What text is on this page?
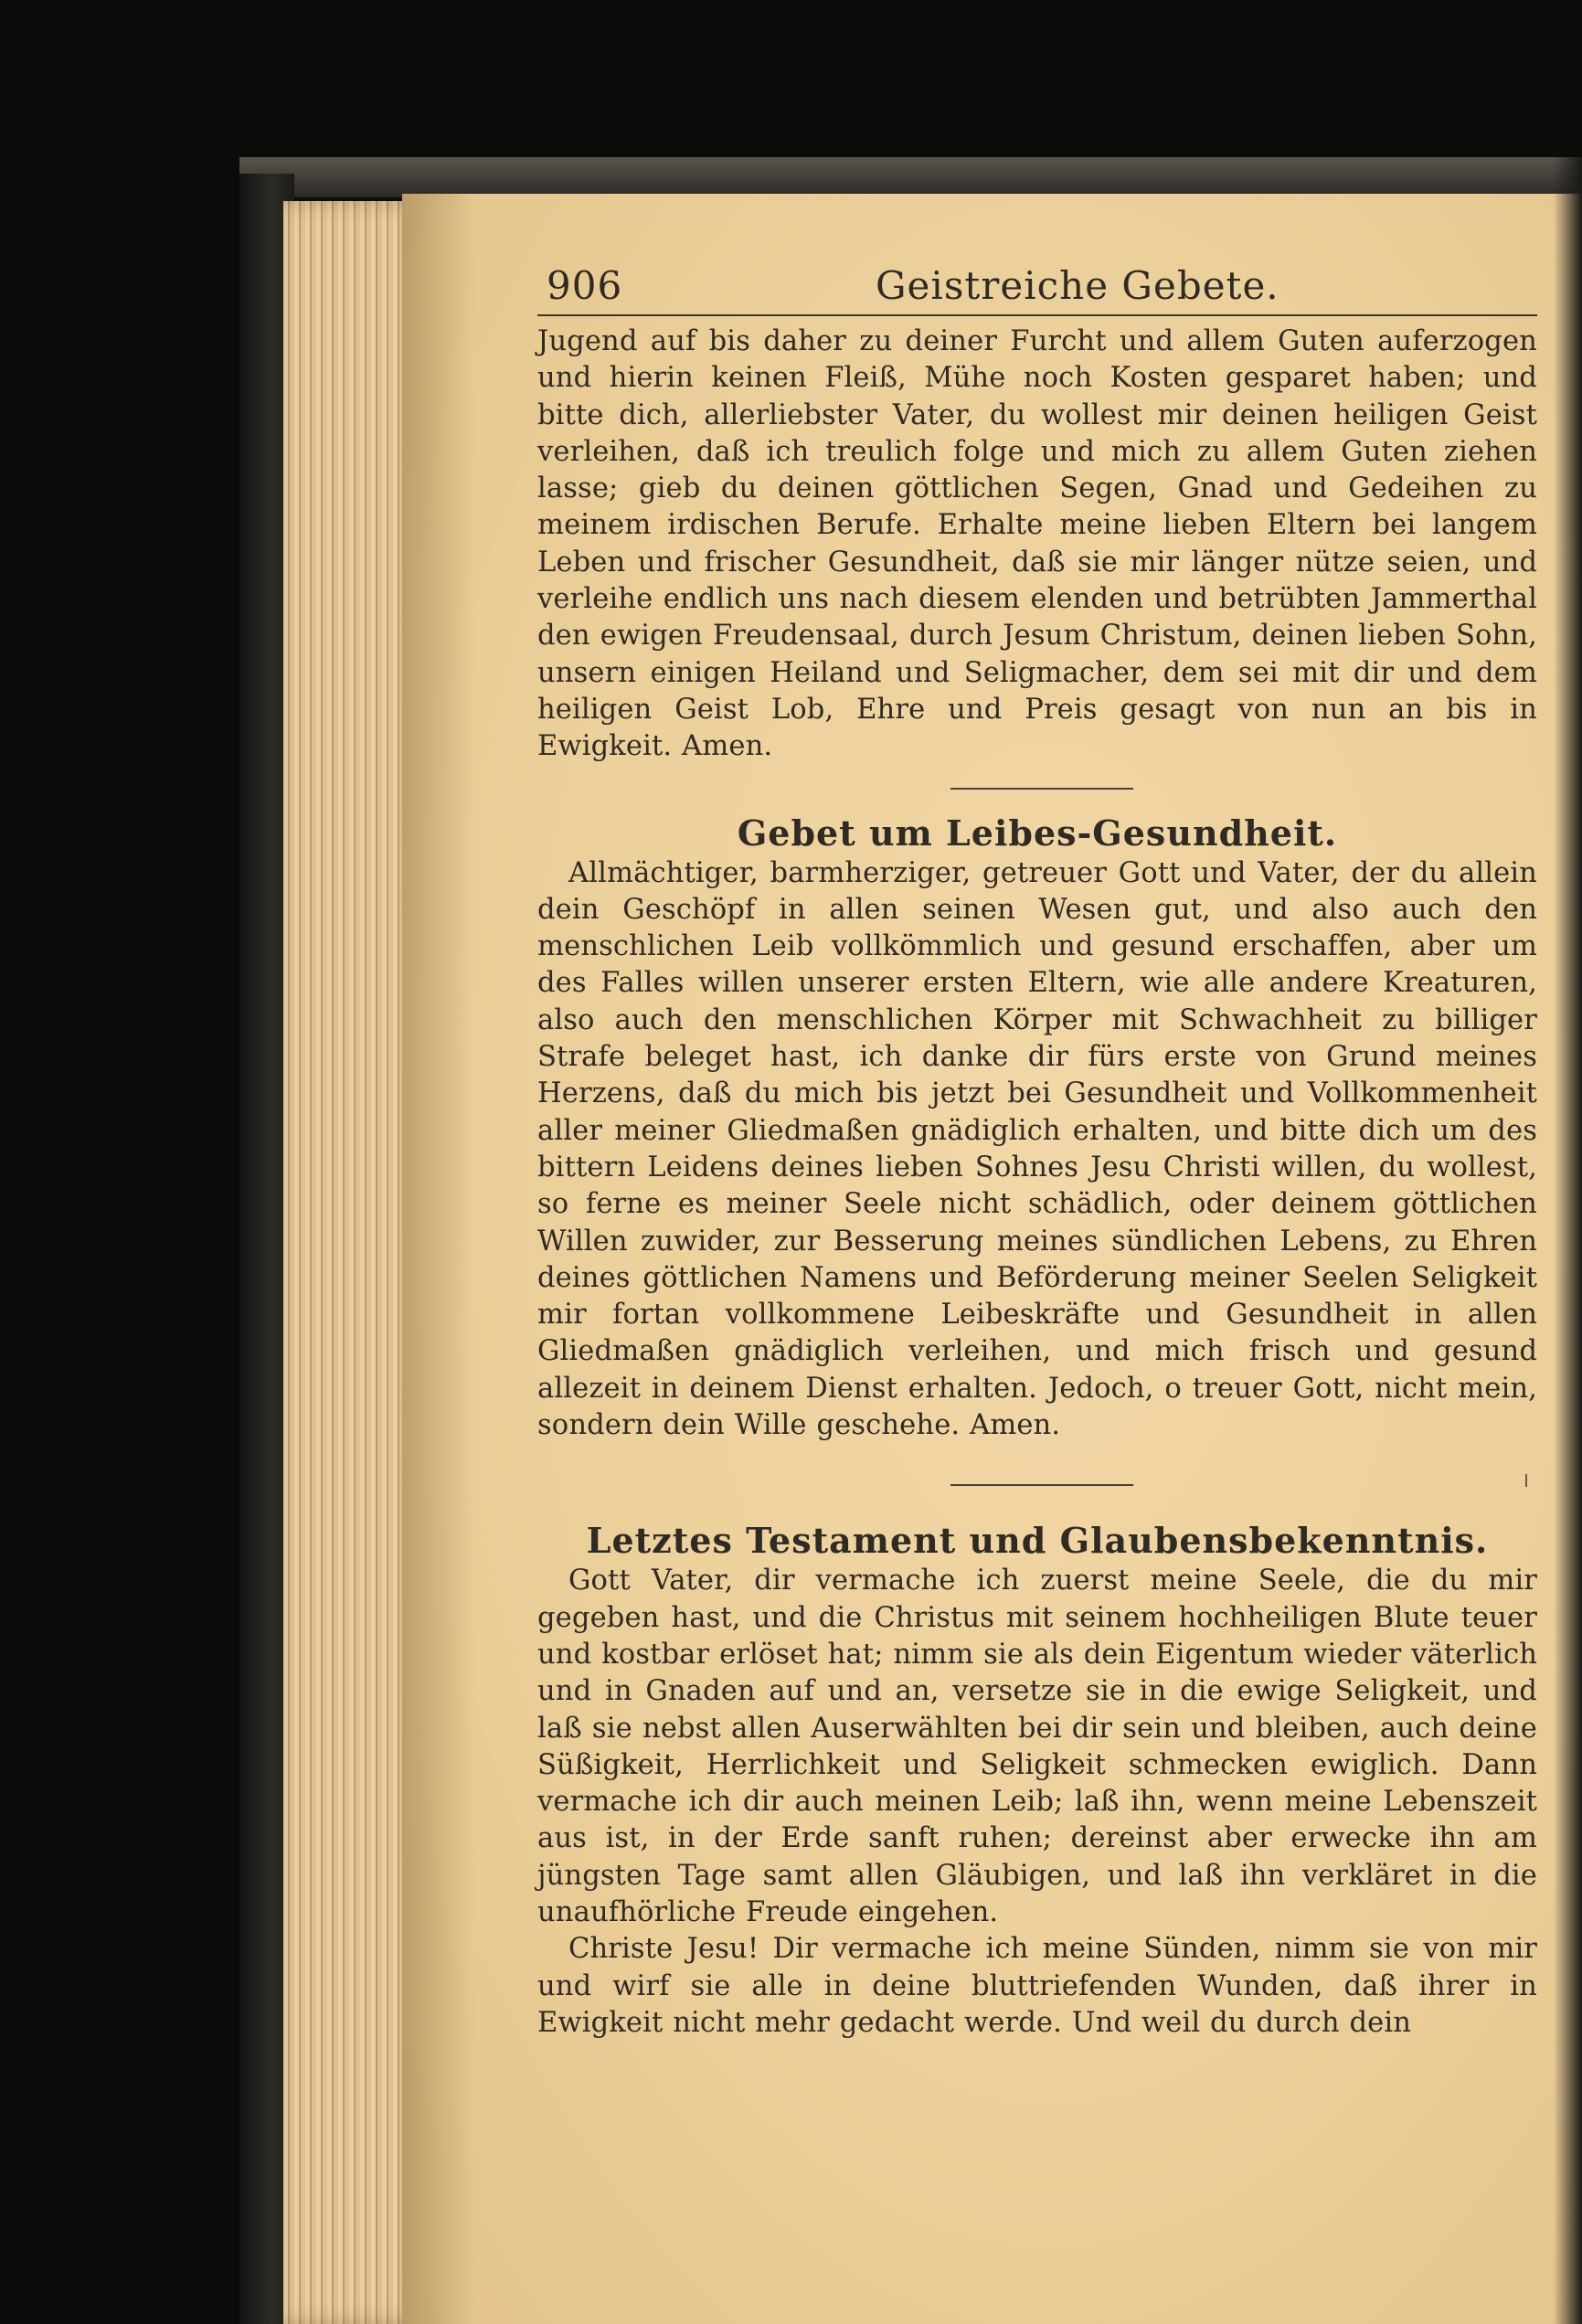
906	Geistreiche Gebete.

Jugend auf bis daher zu deiner Furcht und allem Guten auferzogen und hierin keinen Fleiß, Mühe noch Kosten gesparet haben; und bitte dich, allerliebster Vater, du wollest mir deinen heiligen Geist verleihen, daß ich treulich folge und mich zu allem Guten ziehen lasse; gieb du deinen göttlichen Segen, Gnad und Gedeihen zu meinem irdischen Berufe. Erhalte meine lieben Eltern bei langem Leben und frischer Gesundheit, daß sie mir länger nütze seien, und verleihe endlich uns nach diesem elenden und betrübten Jammerthal den ewigen Freudensaal, durch Jesum Christum, deinen lieben Sohn, unsern einigen Heiland und Seligmacher, dem sei mit dir und dem heiligen Geist Lob, Ehre und Preis gesagt von nun an bis in Ewigkeit. Amen.

Gebet um Leibes-Gesundheit.

Allmächtiger, barmherziger, getreuer Gott und Vater, der du allein dein Geschöpf in allen seinen Wesen gut, und also auch den menschlichen Leib vollkömmlich und gesund erschaffen, aber um des Falles willen unserer ersten Eltern, wie alle andere Kreaturen, also auch den menschlichen Körper mit Schwachheit zu billiger Strafe beleget hast, ich danke dir fürs erste von Grund meines Herzens, daß du mich bis jetzt bei Gesundheit und Vollkommenheit aller meiner Gliedmaßen gnädiglich erhalten, und bitte dich um des bittern Leidens deines lieben Sohnes Jesu Christi willen, du wollest, so ferne es meiner Seele nicht schädlich, oder deinem göttlichen Willen zuwider, zur Besserung meines sündlichen Lebens, zu Ehren deines göttlichen Namens und Beförderung meiner Seelen Seligkeit mir fortan vollkommene Leibeskräfte und Gesundheit in allen Gliedmaßen gnädiglich verleihen, und mich frisch und gesund allezeit in deinem Dienst erhalten. Jedoch, o treuer Gott, nicht mein, sondern dein Wille geschehe. Amen.

Letztes Testament und Glaubensbekenntnis.

Gott Vater, dir vermache ich zuerst meine Seele, die du mir gegeben hast, und die Christus mit seinem hochheiligen Blute teuer und kostbar erlöset hat; nimm sie als dein Eigentum wieder väterlich und in Gnaden auf und an, versetze sie in die ewige Seligkeit, und laß sie nebst allen Auserwählten bei dir sein und bleiben, auch deine Süßigkeit, Herrlichkeit und Seligkeit schmecken ewiglich. Dann vermache ich dir auch meinen Leib; laß ihn, wenn meine Lebenszeit aus ist, in der Erde sanft ruhen; dereinst aber erwecke ihn am jüngsten Tage samt allen Gläubigen, und laß ihn verkläret in die unaufhörliche Freude eingehen.

Christe Jesu! Dir vermache ich meine Sünden, nimm sie von mir und wirf sie alle in deine bluttriefenden Wunden, daß ihrer in Ewigkeit nicht mehr gedacht werde. Und weil du durch dein
